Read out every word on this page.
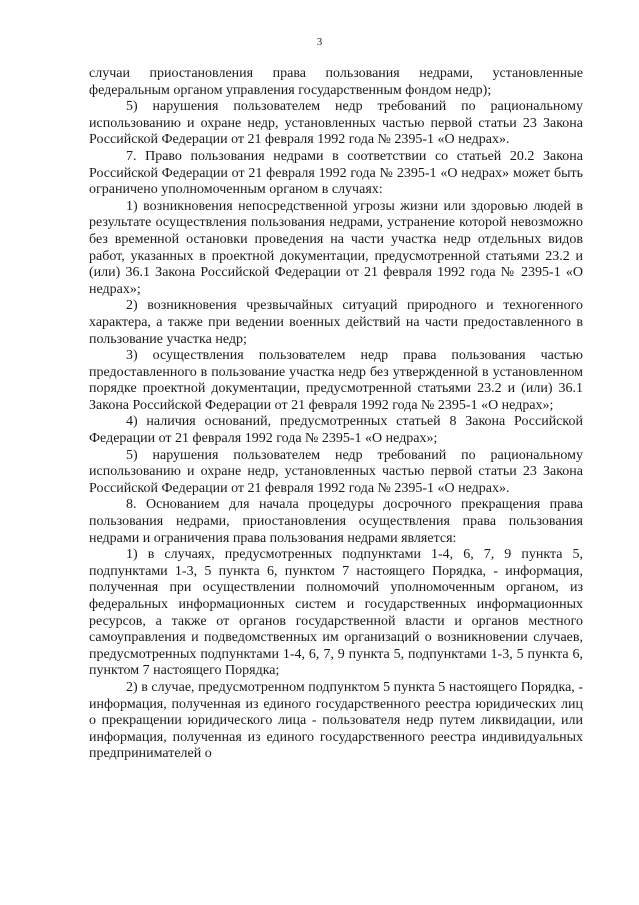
3

случаи приостановления права пользования недрами, установленные федеральным органом управления государственным фондом недр);

5) нарушения пользователем недр требований по рациональному использованию и охране недр, установленных частью первой статьи 23 Закона Российской Федерации от 21 февраля 1992 года № 2395-1 «О недрах».

7. Право пользования недрами в соответствии со статьей 20.2 Закона Российской Федерации от 21 февраля 1992 года № 2395-1 «О недрах» может быть ограничено уполномоченным органом в случаях:

1) возникновения непосредственной угрозы жизни или здоровью людей в результате осуществления пользования недрами, устранение которой невозможно без временной остановки проведения на части участка недр отдельных видов работ, указанных в проектной документации, предусмотренной статьями 23.2 и (или) 36.1 Закона Российской Федерации от 21 февраля 1992 года № 2395-1 «О недрах»;

2) возникновения чрезвычайных ситуаций природного и техногенного характера, а также при ведении военных действий на части предоставленного в пользование участка недр;

3) осуществления пользователем недр права пользования частью предоставленного в пользование участка недр без утвержденной в установленном порядке проектной документации, предусмотренной статьями 23.2 и (или) 36.1 Закона Российской Федерации от 21 февраля 1992 года № 2395-1 «О недрах»;

4) наличия оснований, предусмотренных статьей 8 Закона Российской Федерации от 21 февраля 1992 года № 2395-1 «О недрах»;

5) нарушения пользователем недр требований по рациональному использованию и охране недр, установленных частью первой статьи 23 Закона Российской Федерации от 21 февраля 1992 года № 2395-1 «О недрах».

8. Основанием для начала процедуры досрочного прекращения права пользования недрами, приостановления осуществления права пользования недрами и ограничения права пользования недрами является:

1) в случаях, предусмотренных подпунктами 1-4, 6, 7, 9 пункта 5, подпунктами 1-3, 5 пункта 6, пунктом 7 настоящего Порядка, - информация, полученная при осуществлении полномочий уполномоченным органом, из федеральных информационных систем и государственных информационных ресурсов, а также от органов государственной власти и органов местного самоуправления и подведомственных им организаций о возникновении случаев, предусмотренных подпунктами 1-4, 6, 7, 9 пункта 5, подпунктами 1-3, 5 пункта 6, пунктом 7 настоящего Порядка;

2) в случае, предусмотренном подпунктом 5 пункта 5 настоящего Порядка, - информация, полученная из единого государственного реестра юридических лиц о прекращении юридического лица - пользователя недр путем ликвидации, или информация, полученная из единого государственного реестра индивидуальных предпринимателей о
